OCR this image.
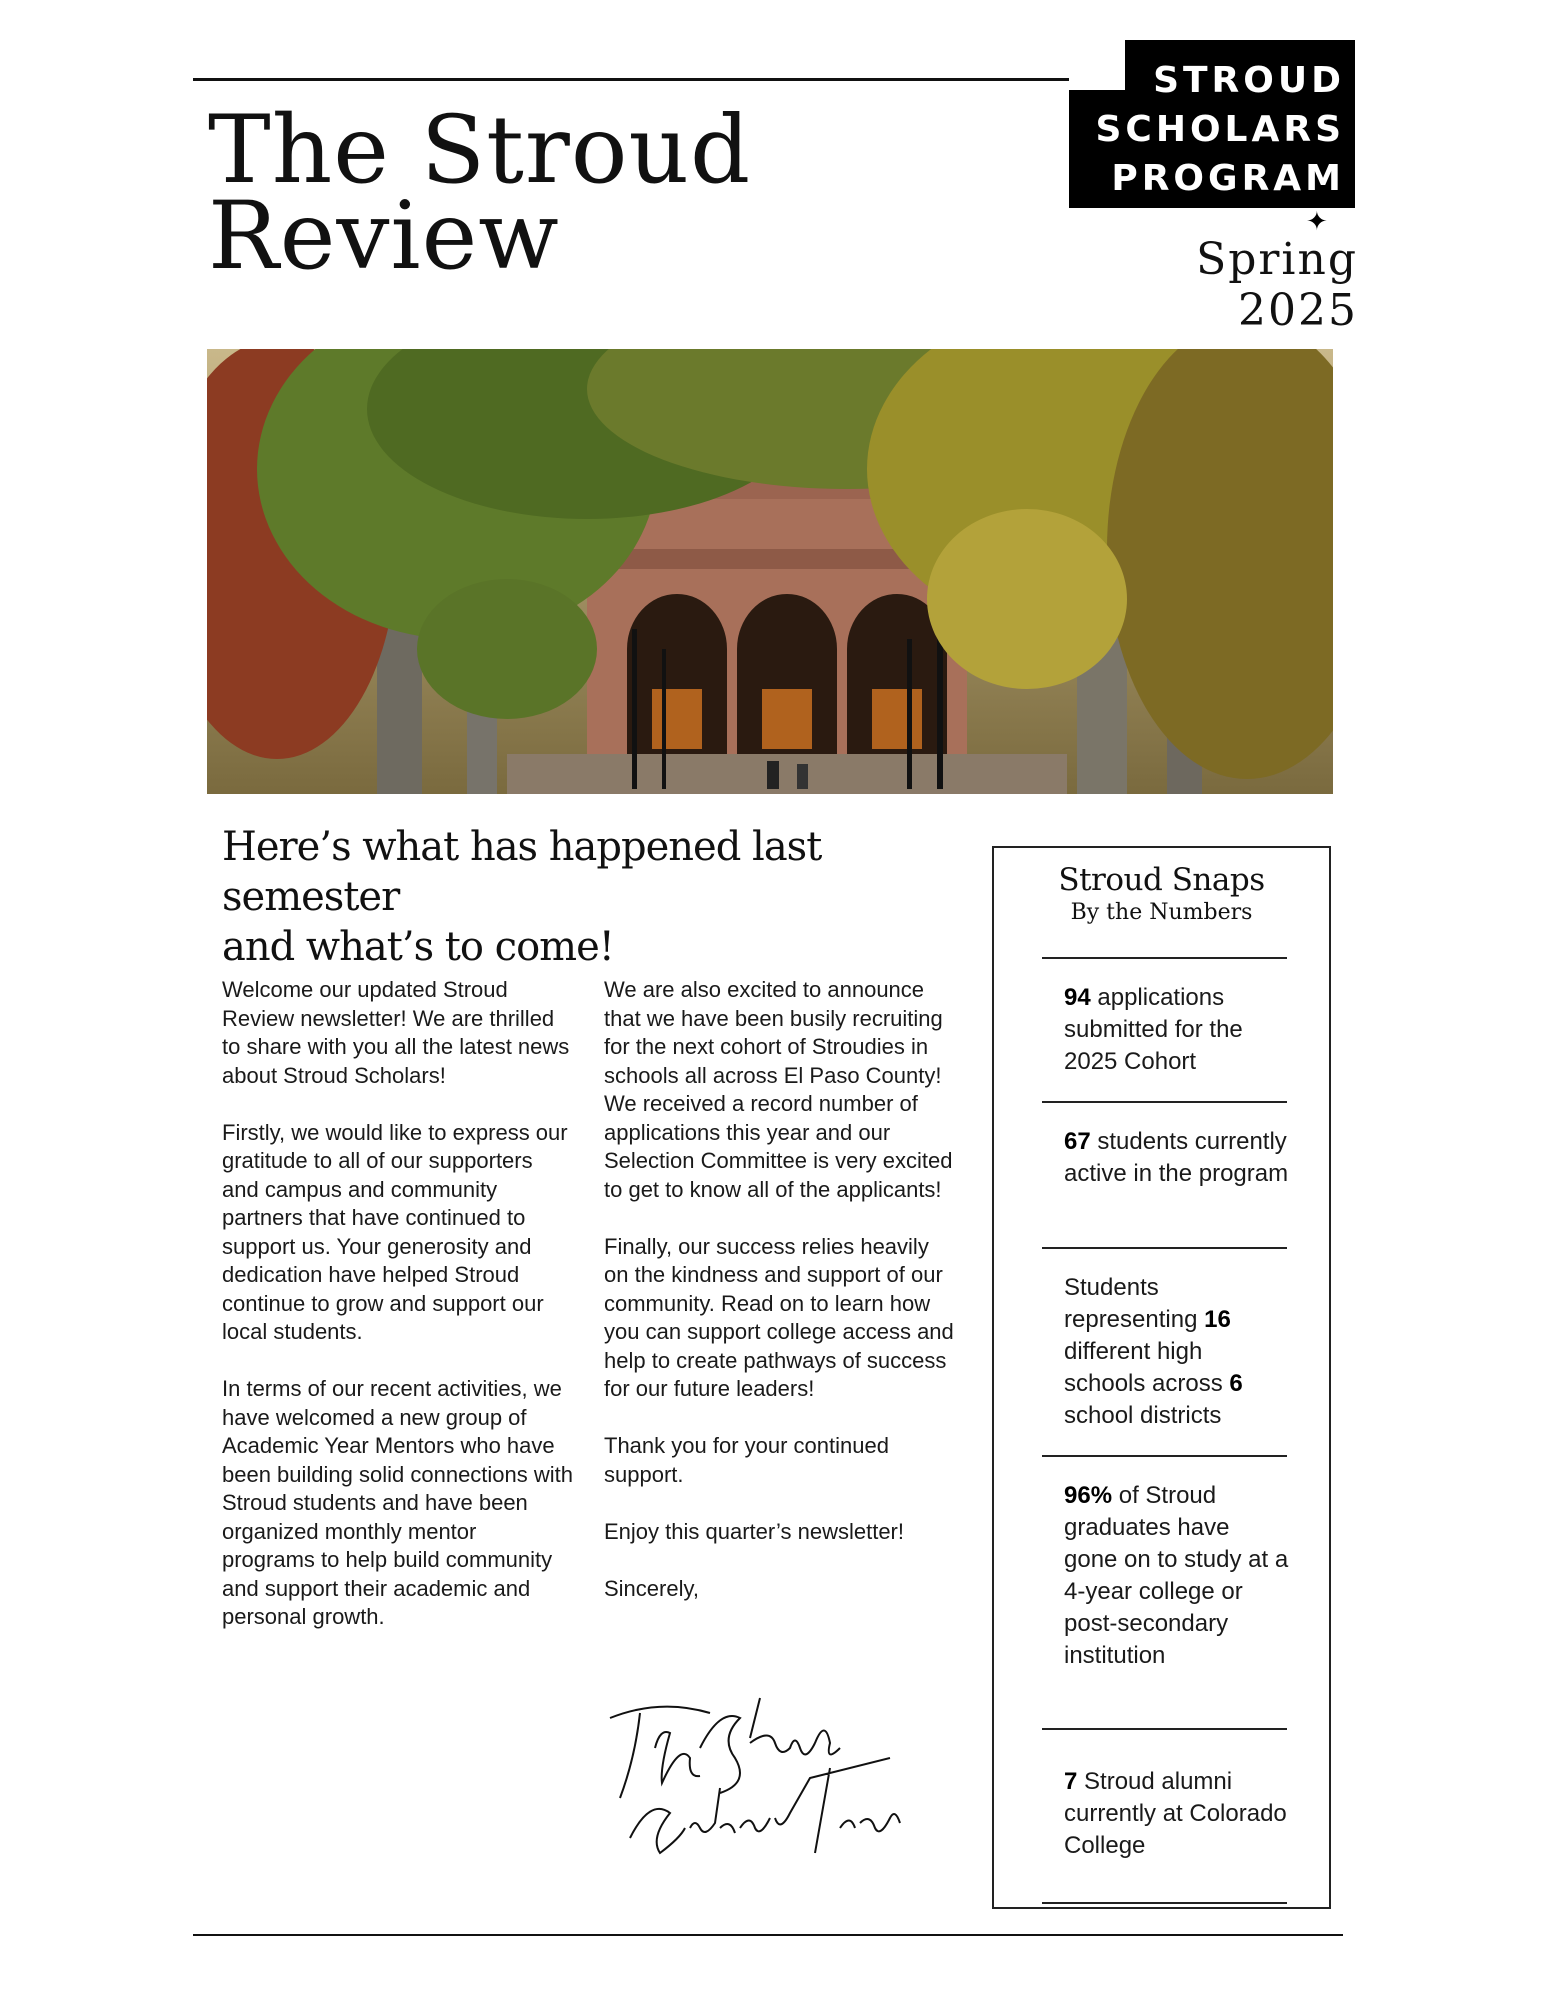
The Stroud
Review
STROUD
SCHOLARS
PROGRAM
✦
Spring 2025
Here’s what has happened last semester
and what’s to come!

Welcome our updated Stroud Review newsletter! We are thrilled to share with you all the latest news about Stroud Scholars!

Firstly, we would like to express our gratitude to all of our supporters and campus and community partners that have continued to support us. Your generosity and dedication have helped Stroud continue to grow and support our local students.

In terms of our recent activities, we have welcomed a new group of Academic Year Mentors who have been building solid connections with Stroud students and have been organized monthly mentor programs to help build community and support their academic and personal growth.

We are also excited to announce that we have been busily recruiting for the next cohort of Stroudies in schools all across El Paso County! We received a record number of applications this year and our Selection Committee is very excited to get to know all of the applicants!

Finally, our success relies heavily on the kindness and support of our community. Read on to learn how you can support college access and help to create pathways of success for our future leaders!

Thank you for your continued support.

Enjoy this quarter’s newsletter!

Sincerely,

Stroud Snaps
By the Numbers
94 applications submitted for the 2025 Cohort
67 students currently active in the program
Students representing 16 different high schools across 6 school districts
96% of Stroud graduates have gone on to study at a 4-year college or post-secondary institution
7 Stroud alumni currently at Colorado College
